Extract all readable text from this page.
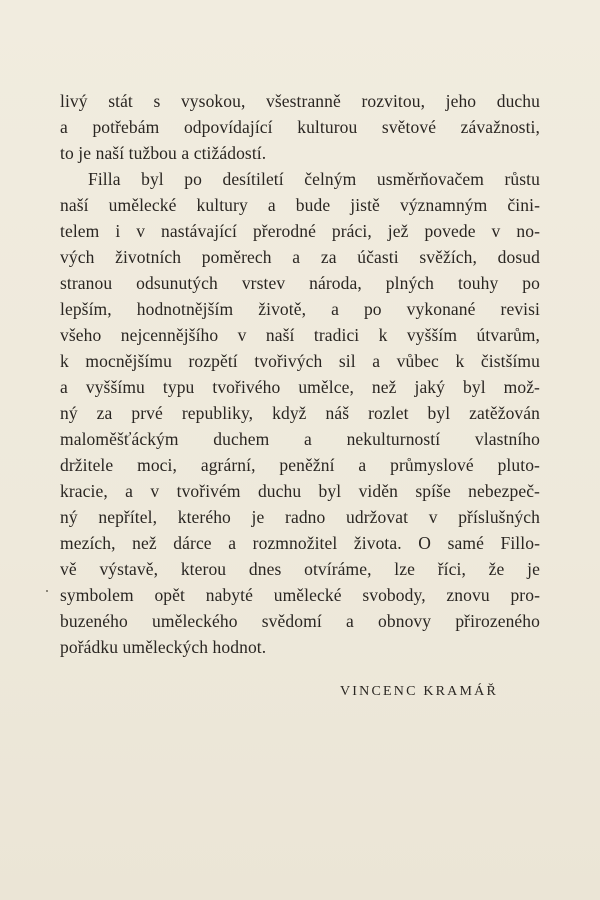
livý stát s vysokou, všestranně rozvitou, jeho duchu
a potřebám odpovídající kulturou světové závažnosti,
to je naší tužbou a ctižádostí.
Filla byl po desítiletí čelným usměrňovačem růstu
naší umělecké kultury a bude jistě významným čini-
telem i v nastávající přerodné práci, jež povede v no-
vých životních poměrech a za účasti svěžích, dosud
stranou odsunutých vrstev národa, plných touhy po
lepším, hodnotnějším životě, a po vykonané revisi
všeho nejcennějšího v naší tradici k vyšším útvarům,
k mocnějšímu rozpětí tvořivých sil a vůbec k čistšímu
a vyššímu typu tvořivého umělce, než jaký byl mož-
ný za prvé republiky, když náš rozlet byl zatěžován
maloměšťáckým duchem a nekulturností vlastního
držitele moci, agrární, peněžní a průmyslové pluto-
kracie, a v tvořivém duchu byl viděn spíše nebezpeč-
ný nepřítel, kterého je radno udržovat v příslušných
mezích, než dárce a rozmnožitel života. O samé Fillo-
vě výstavě, kterou dnes otvíráme, lze říci, že je
symbolem opět nabyté umělecké svobody, znovu pro-
buzeného uměleckého svědomí a obnovy přirozeného
pořádku uměleckých hodnot.
VINCENC KRAMÁŘ
